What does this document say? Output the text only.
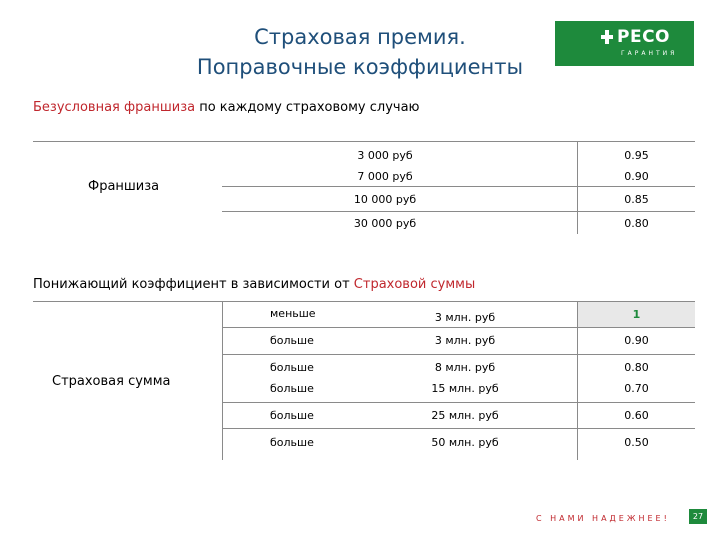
Страховая премия.
Поправочные коэффициенты
РЕСО
ГАРАНТИЯ
Безусловная франшиза по каждому страховому случаю
Франшиза
3 000 руб	0.95
7 000 руб	0.90
10 000 руб	0.85
30 000 руб	0.80
Понижающий коэффициент в зависимости от Страховой суммы
Страховая сумма
меньше	3 млн. руб	1
больше	3 млн. руб	0.90
больше	8 млн. руб	0.80
больше	15 млн. руб	0.70
больше	25 млн. руб	0.60
больше	50 млн. руб	0.50
С НАМИ НАДЕЖНЕЕ!	27
